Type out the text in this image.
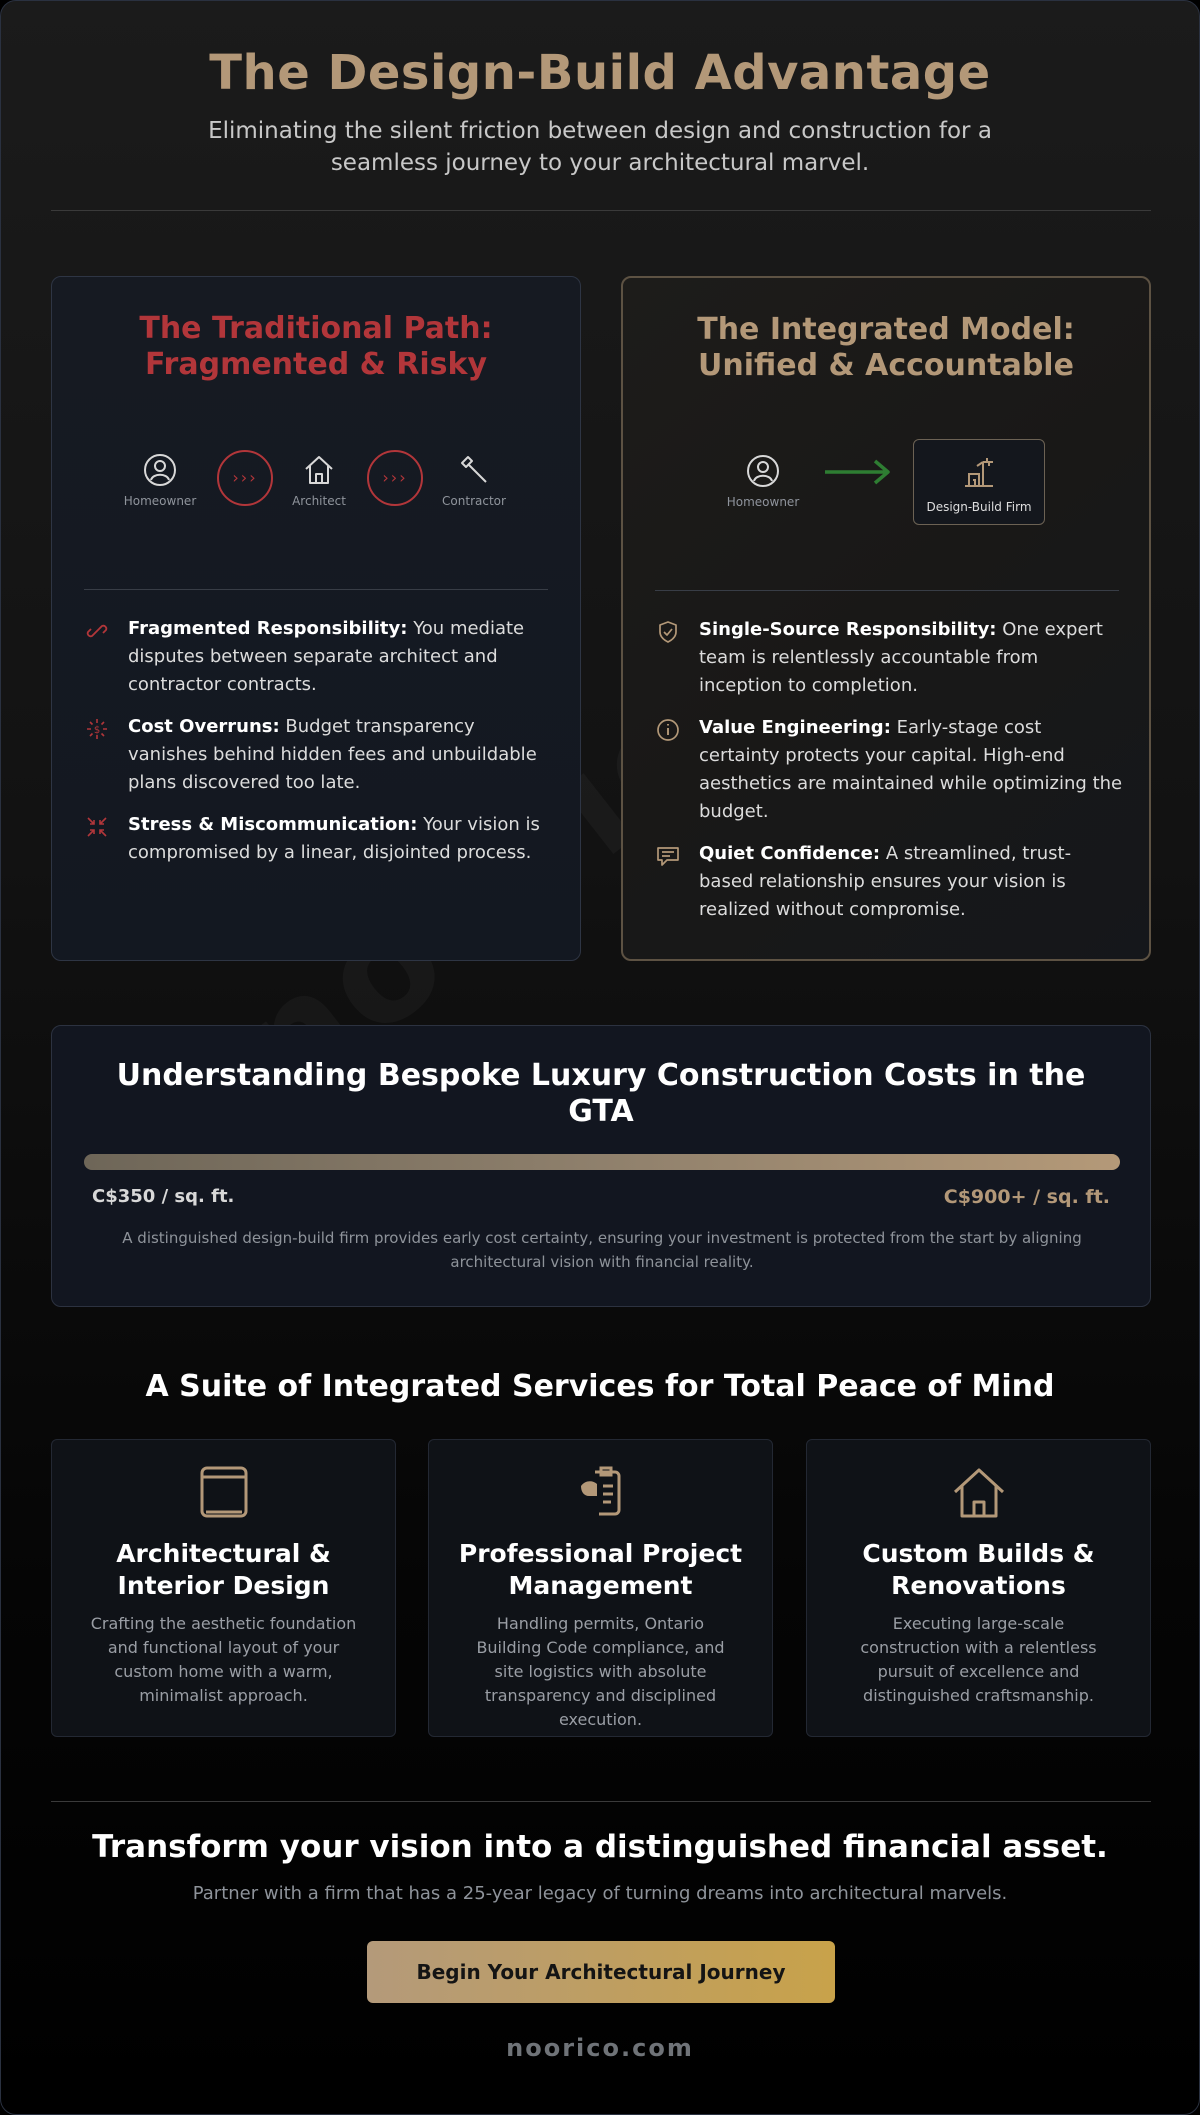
The Design-Build Advantage

Eliminating the silent friction between design and construction for a seamless journey to your architectural marvel.

The Traditional Path: Fragmented & Risky
Homeowner
›››
Architect
›››
Contractor
Fragmented Responsibility: You mediate disputes between separate architect and contractor contracts.
$ Cost Overruns: Budget transparency vanishes behind hidden fees and unbuildable plans discovered too late.
Stress & Miscommunication: Your vision is compromised by a linear, disjointed process.
The Integrated Model: Unified & Accountable
Homeowner	Design-Build Firm
Single-Source Responsibility: One expert team is relentlessly accountable from inception to completion.
Value Engineering: Early-stage cost certainty protects your capital. High-end aesthetics are maintained while optimizing the budget.
Quiet Confidence: A streamlined, trust-based relationship ensures your vision is realized without compromise.
Understanding Bespoke Luxury Construction Costs in the GTA
C$350 / sq. ft.	C$900+ / sq. ft.

A distinguished design-build firm provides early cost certainty, ensuring your investment is protected from the start by aligning architectural vision with financial reality.

A Suite of Integrated Services for Total Peace of Mind
Architectural & Interior Design

Crafting the aesthetic foundation and functional layout of your custom home with a warm, minimalist approach.

Professional Project Management

Handling permits, Ontario Building Code compliance, and site logistics with absolute transparency and disciplined execution.

Custom Builds & Renovations

Executing large-scale construction with a relentless pursuit of excellence and distinguished craftsmanship.

Transform your vision into a distinguished financial asset.

Partner with a firm that has a 25-year legacy of turning dreams into architectural marvels.

Begin Your Architectural Journey
noorico.com
